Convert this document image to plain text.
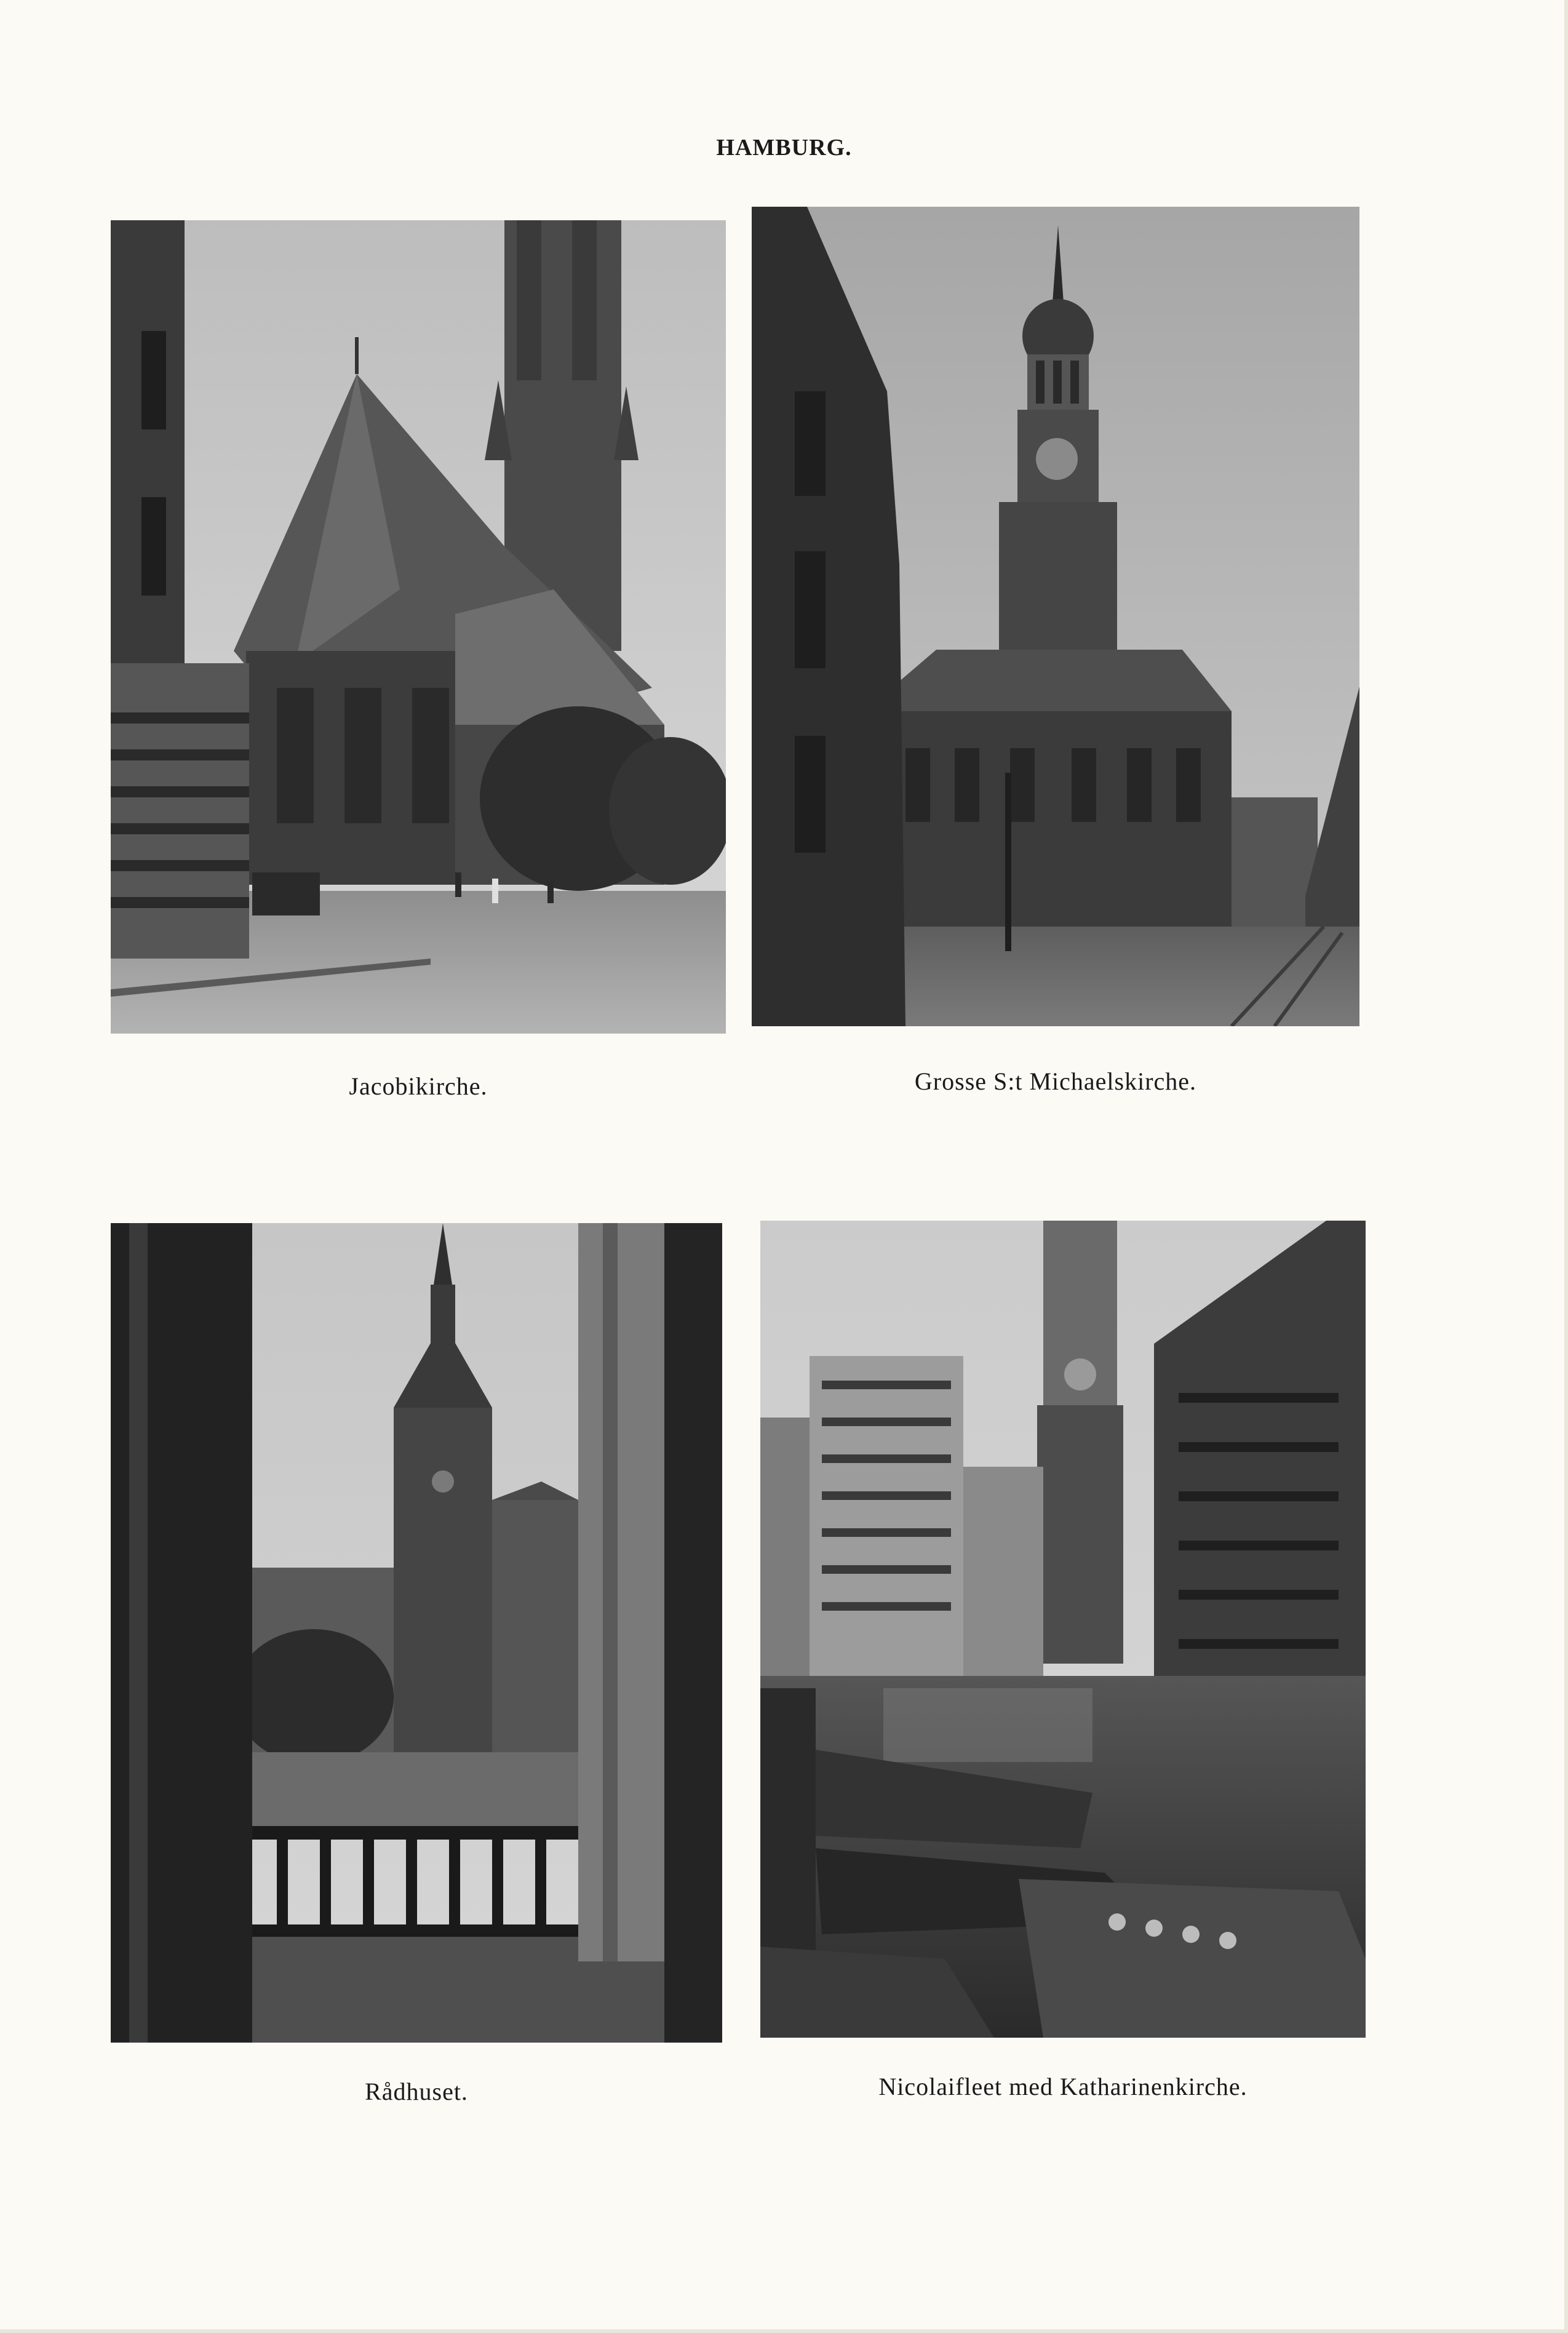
HAMBURG.
Jacobikirche.	Grosse S:t Michaelskirche.
Rådhuset.	Nicolaifleet med Katharinenkirche.
